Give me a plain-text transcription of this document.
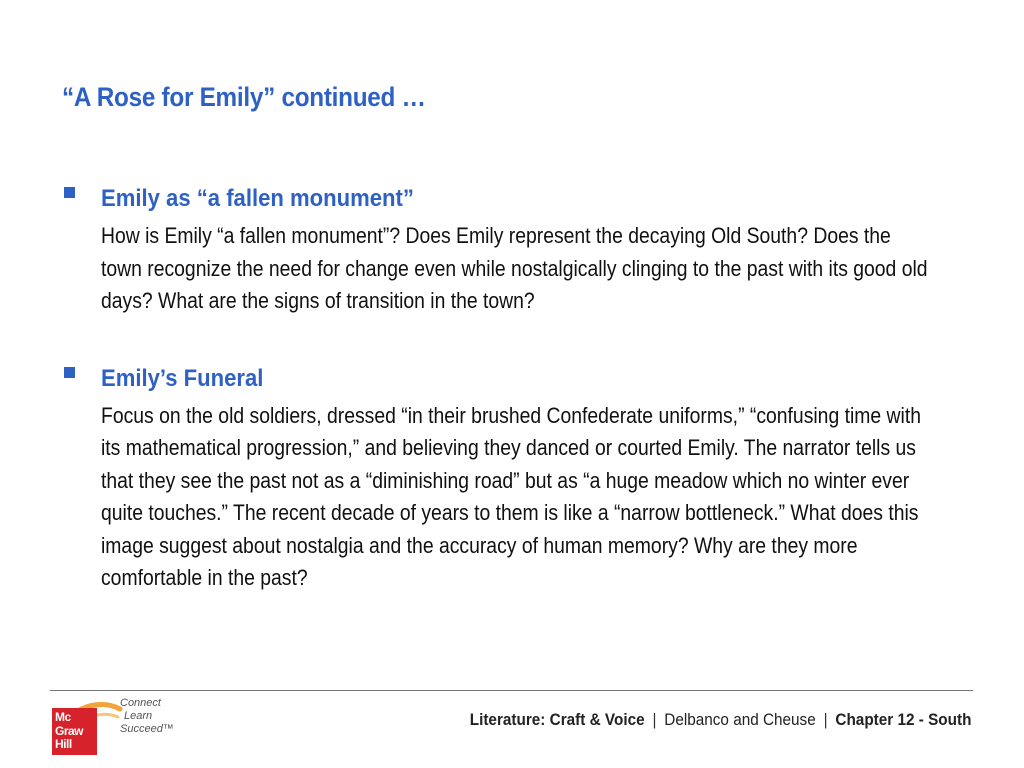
“A Rose for Emily” continued …
Emily as “a fallen monument”
How is Emily “a fallen monument”? Does Emily represent the decaying Old South? Does the town recognize the need for change even while nostalgically clinging to the past with its good old days? What are the signs of transition in the town?
Emily’s Funeral
Focus on the old soldiers, dressed “in their brushed Confederate uniforms,” “confusing time with its mathematical progression,” and believing they danced or courted Emily. The narrator tells us that they see the past not as a “diminishing road” but as “a huge meadow which no winter ever quite touches.” The recent decade of years to them is like a “narrow bottleneck.” What does this image suggest about nostalgia and the accuracy of human memory? Why are they more comfortable in the past?
Mc
Graw
Hill
Connect
Learn
Succeed™	Literature: Craft & Voice | Delbanco and Cheuse | Chapter 12 - South
